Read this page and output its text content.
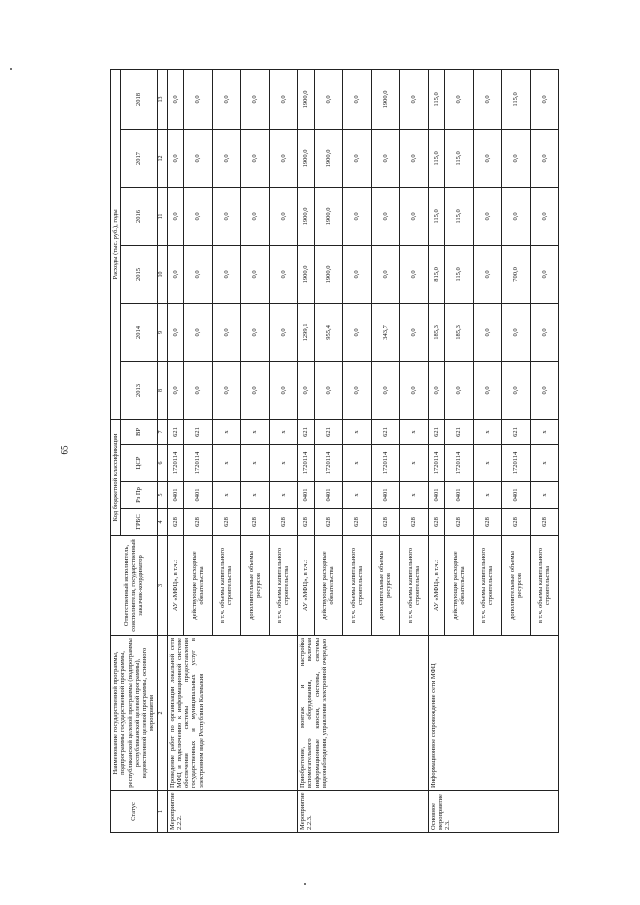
65
Статус	Наименование государственной программы, подпрограммы государственной программы, республиканской целевой программы (подпрограммы республиканской целевой программы), ведомственной целевой программы, основного мероприятия	Ответственный исполнитель, соисполнители, государственный заказчик-координатор	Код бюджетной классификации				Расходы (тыс. руб.), годы					
			ГРБС	Рз Пр	ЦСР	ВР	2013	2014	2015	2016	2017	2018

1	2	3	4	5	6	7	8	9	10	11	12	13
Мероприятие 2.2.2.	Проведение работ по организации локальной сети МФЦ и подключению к информационной системе обеспечения системы предоставления государственных и муниципальных услуг в электронном виде Республики Калмыкия	АУ «МФЦ», в т.ч.:	628	0401	1720114	621	0,0	0,0	0,0	0,0	0,0	0,0
		действующие расходные обязательства	628	0401	1720114	621	0,0	0,0	0,0	0,0	0,0	0,0
		в т.ч. объемы капитального строительства	628	x	x	x	0,0	0,0	0,0	0,0	0,0	0,0
		дополнительные объемы ресурсов	628	x	x	x	0,0	0,0	0,0	0,0	0,0	0,0
		в т.ч. объемы капитального строительства	628	x	x	x	0,0	0,0	0,0	0,0	0,0	0,0
Мероприятие 2.2.3.	Приобретение, монтаж и настройка вспомогательного оборудования, включая информационные киоски, системы, системы видеонаблюдения, управления электронной очередью	АУ «МФЦ», в т.ч.:	628	0401	1720114	621	0,0	1299,1	1900,0	1900,0	1900,0	1900,0
		действующие расходные обязательства	628	0401	1720114	621	0,0	955,4	1900,0	1900,0	1900,0	0,0
		в т.ч. объемы капитального строительства	628	x	x	x	0,0	0,0	0,0	0,0	0,0	0,0
		дополнительные объемы ресурсов	628	0401	1720114	621	0,0	343,7	0,0	0,0	0,0	1900,0
		в т.ч. объемы капитального строительства	628	x	x	x	0,0	0,0	0,0	0,0	0,0	0,0
Основное мероприятие 2.3.	Информационное сопровождение сети МФЦ	АУ «МФЦ», в т.ч.:	628	0401	1720114	621	0,0	185,3	815,0	115,0	115,0	115,0
		действующие расходные обязательства	628	0401	1720114	621	0,0	185,3	115,0	115,0	115,0	0,0
		в т.ч. объемы капитального строительства	628	x	x	x	0,0	0,0	0,0	0,0	0,0	0,0
		дополнительные объемы ресурсов	628	0401	1720114	621	0,0	0,0	700,0	0,0	0,0	115,0
		в т.ч. объемы капитального строительства	628	x	x	x	0,0	0,0	0,0	0,0	0,0	0,0
